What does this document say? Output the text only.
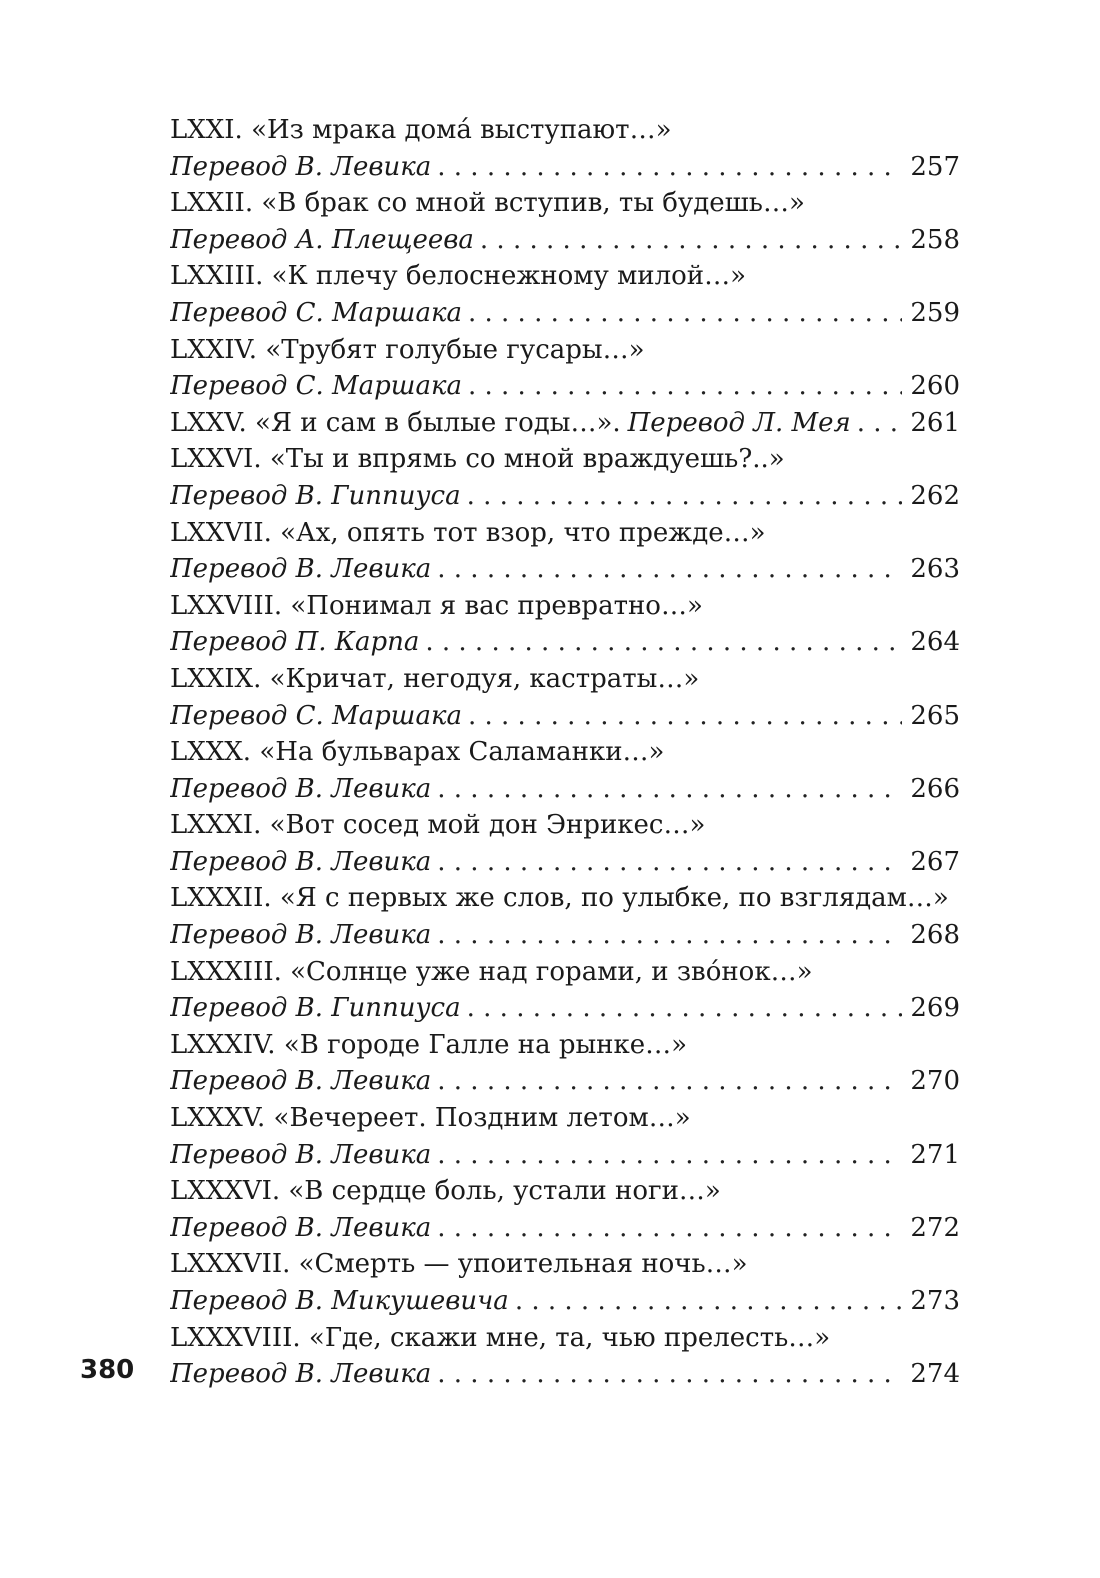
LXXI. «Из мрака домá выступают…»
Перевод В. Левика . . .	257
LXXII. «В брак со мной вступив, ты будешь…»
Перевод А. Плещеева . . .	258
LXXIII. «К плечу белоснежному милой…»
Перевод С. Маршака . . .	259
LXXIV. «Трубят голубые гусары…»
Перевод С. Маршака . . .	260
LXXV. «Я и сам в былые годы…». Перевод Л. Мея . . . 261
LXXVI. «Ты и впрямь со мной враждуешь?..»
Перевод В. Гиппиуса . . .	262
LXXVII. «Ах, опять тот взор, что прежде…»
Перевод В. Левика . . .	263
LXXVIII. «Понимал я вас превратно…»
Перевод П. Карпа . . .	264
LXXIX. «Кричат, негодуя, кастраты…»
Перевод С. Маршака . . .	265
LXXX. «На бульварах Саламанки…»
Перевод В. Левика . . .	266
LXXXI. «Вот сосед мой дон Энрикес…»
Перевод В. Левика . . .	267
LXXXII. «Я с первых же слов, по улыбке, по взглядам…»
Перевод В. Левика . . .	268
LXXXIII. «Солнце уже над горами, и звóнок…»
Перевод В. Гиппиуса . . .	269
LXXXIV. «В городе Галле на рынке…»
Перевод В. Левика . . .	270
LXXXV. «Вечереет. Поздним летом…»
Перевод В. Левика . . .	271
LXXXVI. «В сердце боль, устали ноги…»
Перевод В. Левика . . .	272
LXXXVII. «Смерть — упоительная ночь…»
Перевод В. Микушевича . . .	273
LXXXVIII. «Где, скажи мне, та, чью прелесть…»
Перевод В. Левика . . .	274
380
